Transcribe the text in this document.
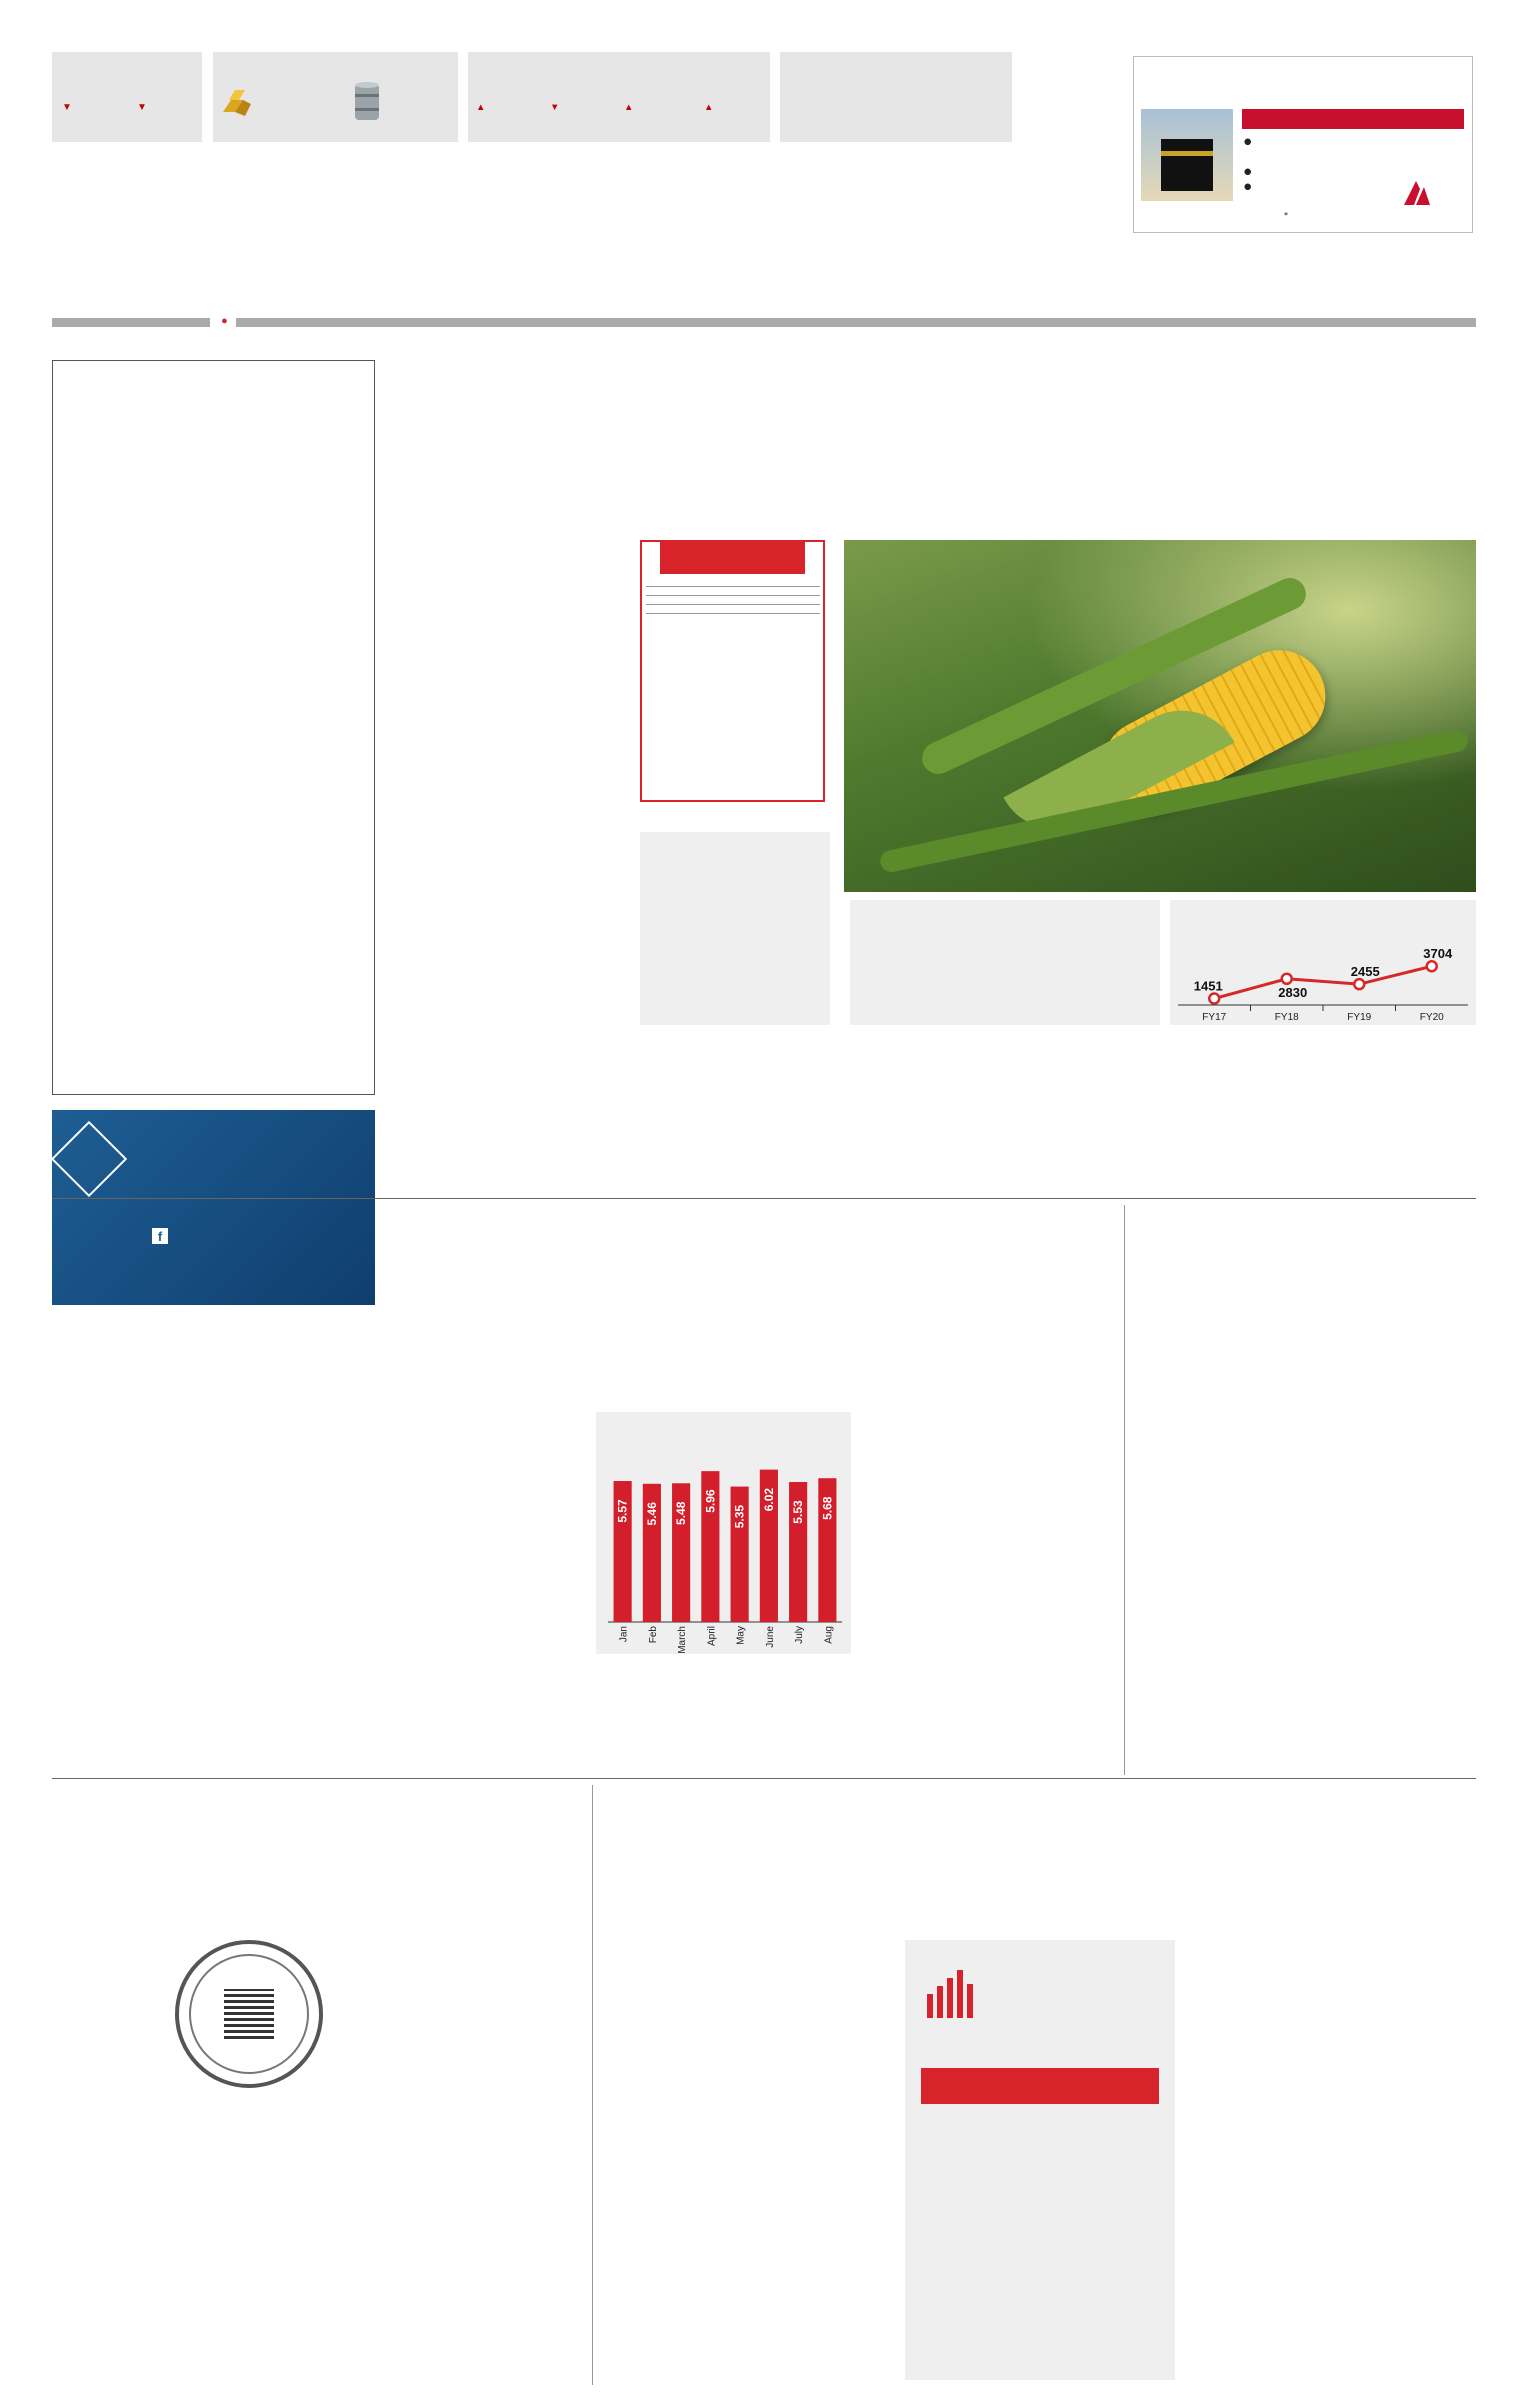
▼	▼	▲	▼	▲	▲
●
●

●
●
*

f

1451
FY17
2830
FY18
2455
FY19
3704
FY20

5.57
Jan
5.46
Feb
5.48
March
5.96
April
5.35
May
6.02
June
5.53
July
5.68
Aug
